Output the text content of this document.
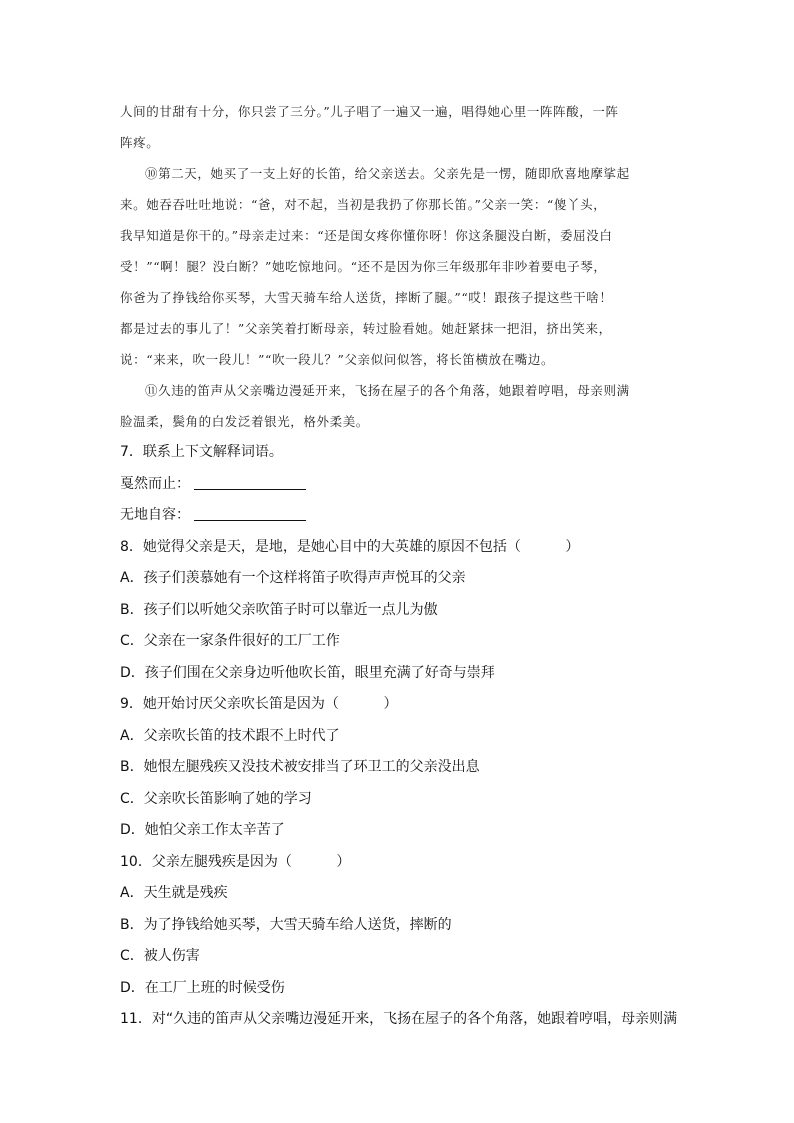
人间的甘甜有十分，你只尝了三分。”儿子唱了一遍又一遍，唱得她心里一阵阵酸，一阵
阵疼。

⑩第二天，她买了一支上好的长笛，给父亲送去。父亲先是一愣，随即欣喜地摩挲起
来。她吞吞吐吐地说：“爸，对不起，当初是我扔了你那长笛。”父亲一笑：“傻丫头，
我早知道是你干的。”母亲走过来：“还是闺女疼你懂你呀！你这条腿没白断，委屈没白
受！”“啊！腿？没白断？”她吃惊地问。“还不是因为你三年级那年非吵着要电子琴，
你爸为了挣钱给你买琴，大雪天骑车给人送货，摔断了腿。”“哎！跟孩子提这些干啥！
都是过去的事儿了！”父亲笑着打断母亲，转过脸看她。她赶紧抹一把泪，挤出笑来，
说：“来来，吹一段儿！”“吹一段儿？”父亲似问似答，将长笛横放在嘴边。

⑪久违的笛声从父亲嘴边漫延开来，飞扬在屋子的各个角落，她跟着哼唱，母亲则满
脸温柔，鬓角的白发泛着银光，格外柔美。

7．联系上下文解释词语。
戛然而止：
无地自容：
8．她觉得父亲是天，是地，是她心目中的大英雄的原因不包括（	）
A．孩子们羡慕她有一个这样将笛子吹得声声悦耳的父亲
B．孩子们以听她父亲吹笛子时可以靠近一点儿为傲
C．父亲在一家条件很好的工厂工作
D．孩子们围在父亲身边听他吹长笛，眼里充满了好奇与崇拜
9．她开始讨厌父亲吹长笛是因为（	）
A．父亲吹长笛的技术跟不上时代了
B．她恨左腿残疾又没技术被安排当了环卫工的父亲没出息
C．父亲吹长笛影响了她的学习
D．她怕父亲工作太辛苦了
10．父亲左腿残疾是因为（	）
A．天生就是残疾
B．为了挣钱给她买琴，大雪天骑车给人送货，摔断的
C．被人伤害
D．在工厂上班的时候受伤
11．对“久违的笛声从父亲嘴边漫延开来，飞扬在屋子的各个角落，她跟着哼唱，母亲则满
